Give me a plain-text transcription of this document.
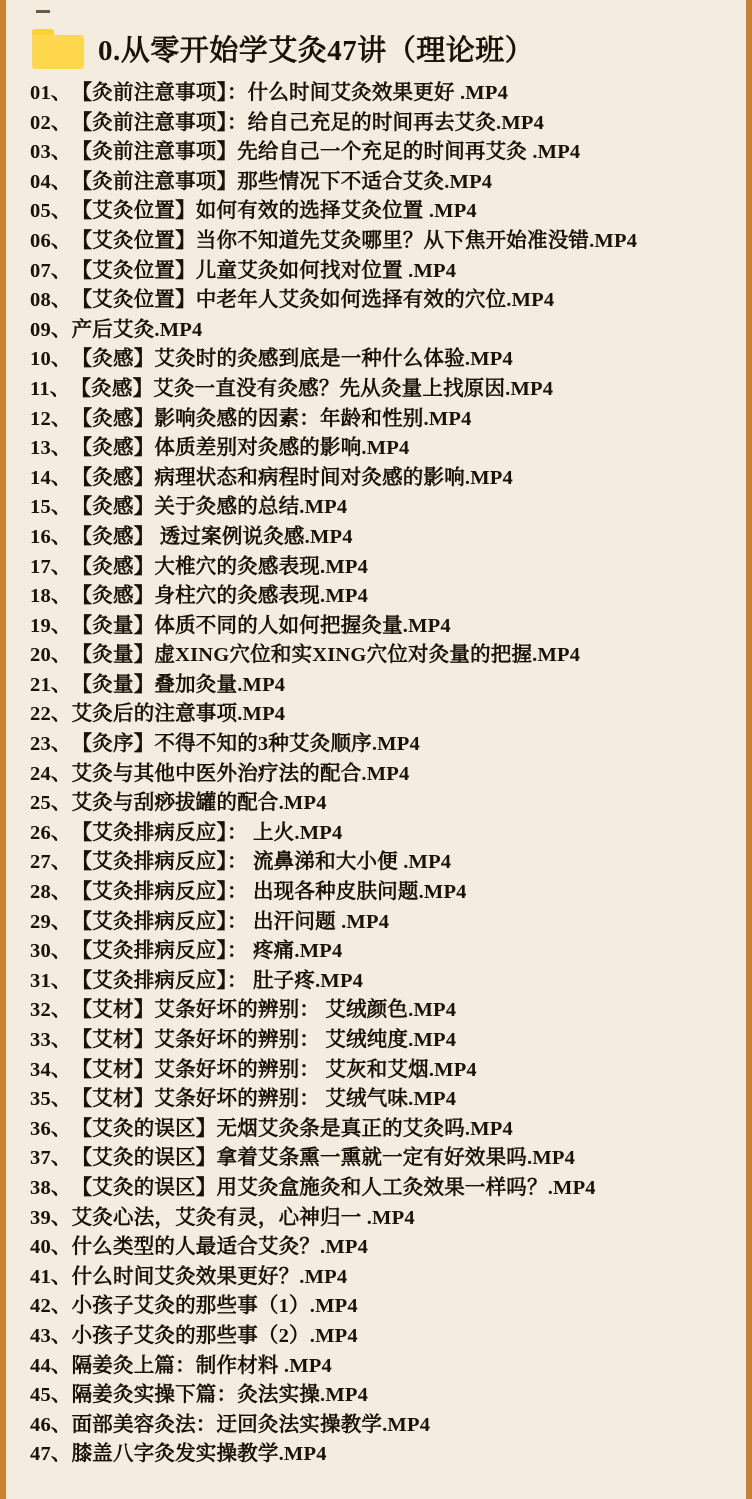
0.从零开始学艾灸47讲（理论班）
01、 【灸前注意事项】：什么时间艾灸效果更好 .MP4
02、 【灸前注意事项】：给自己充足的时间再去艾灸.MP4
03、 【灸前注意事项】先给自己一个充足的时间再艾灸 .MP4
04、 【灸前注意事项】那些情况下不适合艾灸.MP4
05、 【艾灸位置】如何有效的选择艾灸位置 .MP4
06、 【艾灸位置】当你不知道先艾灸哪里？从下焦开始准没错.MP4
07、 【艾灸位置】儿童艾灸如何找对位置 .MP4
08、 【艾灸位置】中老年人艾灸如何选择有效的穴位.MP4
09、 产后艾灸.MP4
10、 【灸感】艾灸时的灸感到底是一种什么体验.MP4
11、 【灸感】艾灸一直没有灸感？先从灸量上找原因.MP4
12、 【灸感】影响灸感的因素：年龄和性别.MP4
13、 【灸感】体质差别对灸感的影响.MP4
14、 【灸感】病理状态和病程时间对灸感的影响.MP4
15、 【灸感】关于灸感的总结.MP4
16、 【灸感】 透过案例说灸感.MP4
17、 【灸感】大椎穴的灸感表现.MP4
18、 【灸感】身柱穴的灸感表现.MP4
19、 【灸量】体质不同的人如何把握灸量.MP4
20、 【灸量】虚XING穴位和实XING穴位对灸量的把握.MP4
21、 【灸量】叠加灸量.MP4
22、 艾灸后的注意事项.MP4
23、 【灸序】不得不知的3种艾灸顺序.MP4
24、 艾灸与其他中医外治疗法的配合.MP4
25、 艾灸与刮痧拔罐的配合.MP4
26、 【艾灸排病反应】： 上火.MP4
27、 【艾灸排病反应】： 流鼻涕和大小便 .MP4
28、 【艾灸排病反应】： 出现各种皮肤问题.MP4
29、 【艾灸排病反应】： 出汗问题 .MP4
30、 【艾灸排病反应】： 疼痛.MP4
31、 【艾灸排病反应】： 肚子疼.MP4
32、 【艾材】艾条好坏的辨别： 艾绒颜色.MP4
33、 【艾材】艾条好坏的辨别： 艾绒纯度.MP4
34、 【艾材】艾条好坏的辨别： 艾灰和艾烟.MP4
35、 【艾材】艾条好坏的辨别： 艾绒气味.MP4
36、 【艾灸的误区】无烟艾灸条是真正的艾灸吗.MP4
37、 【艾灸的误区】拿着艾条熏一熏就一定有好效果吗.MP4
38、 【艾灸的误区】用艾灸盒施灸和人工灸效果一样吗？.MP4
39、 艾灸心法，艾灸有灵，心神归一 .MP4
40、 什么类型的人最适合艾灸？.MP4
41、 什么时间艾灸效果更好？.MP4
42、 小孩子艾灸的那些事（1）.MP4
43、 小孩子艾灸的那些事（2）.MP4
44、 隔姜灸上篇：制作材料 .MP4
45、 隔姜灸实操下篇：灸法实操.MP4
46、 面部美容灸法：迂回灸法实操教学.MP4
47、 膝盖八字灸发实操教学.MP4
